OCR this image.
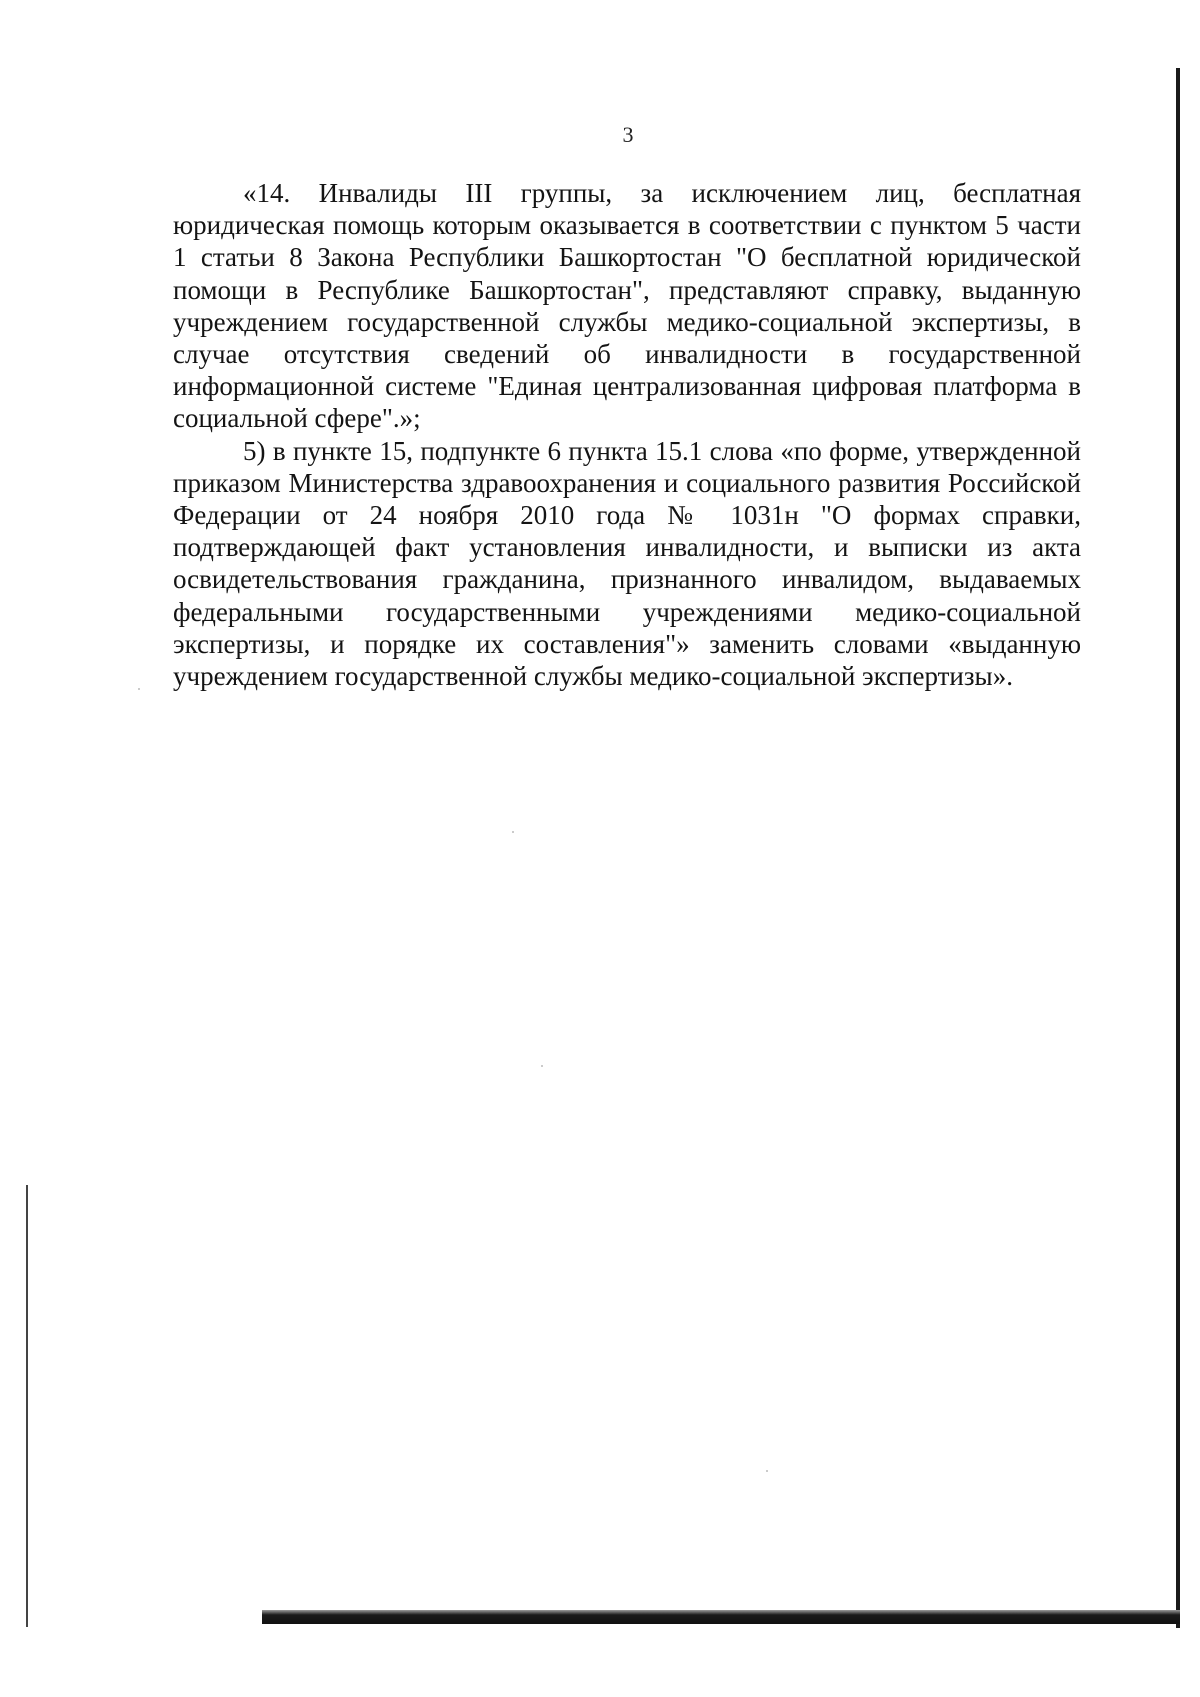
3

«14. Инвалиды III группы, за исключением лиц, бесплатная юридическая помощь которым оказывается в соответствии с пунктом 5 части 1 статьи 8 Закона Республики Башкортостан "О бесплатной юридической помощи в Республике Башкортостан", представляют справку, выданную учреждением государственной службы медико-социальной экспертизы, в случае отсутствия сведений об инвалидности в государственной информационной системе "Единая централизованная цифровая платформа в социальной сфере".»;

5) в пункте 15, подпункте 6 пункта 15.1 слова «по форме, утвержденной приказом Министерства здравоохранения и социального развития Российской Федерации от 24 ноября 2010 года № 1031н "О формах справки, подтверждающей факт установления инвалидности, и выписки из акта освидетельствования гражданина, признанного инвалидом, выдаваемых федеральными государственными учреждениями медико-социальной экспертизы, и порядке их составления"» заменить словами «выданную учреждением государственной службы медико-социальной экспертизы».
